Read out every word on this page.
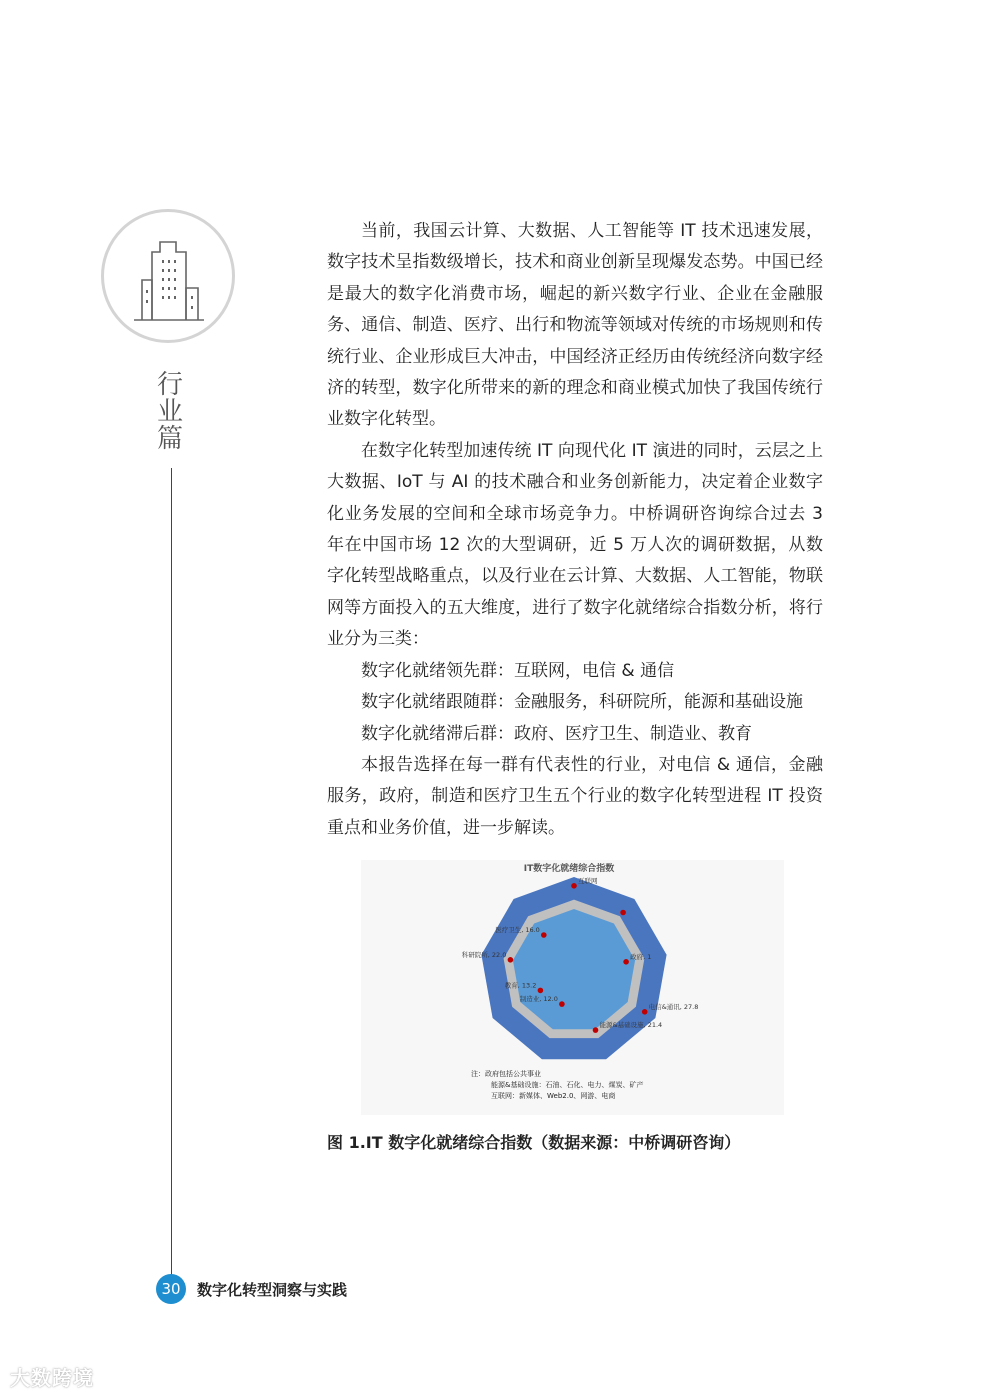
行
业
篇

当前，我国云计算、大数据、人工智能等 IT 技术迅速发展，数字技术呈指数级增长，技术和商业创新呈现爆发态势。中国已经是最大的数字化消费市场，崛起的新兴数字行业、企业在金融服务、通信、制造、医疗、出行和物流等领域对传统的市场规则和传统行业、企业形成巨大冲击，中国经济正经历由传统经济向数字经济的转型，数字化所带来的新的理念和商业模式加快了我国传统行业数字化转型。

在数字化转型加速传统 IT 向现代化 IT 演进的同时，云层之上大数据、IoT 与 AI 的技术融合和业务创新能力，决定着企业数字化业务发展的空间和全球市场竞争力。中桥调研咨询综合过去 3 年在中国市场 12 次的大型调研，近 5 万人次的调研数据，从数字化转型战略重点，以及行业在云计算、大数据、人工智能，物联网等方面投入的五大维度，进行了数字化就绪综合指数分析，将行业分为三类：

数字化就绪领先群：互联网，电信 & 通信

数字化就绪跟随群：金融服务，科研院所，能源和基础设施

数字化就绪滞后群：政府、医疗卫生、制造业、教育

本报告选择在每一群有代表性的行业，对电信 & 通信，金融服务，政府，制造和医疗卫生五个行业的数字化转型进程 IT 投资重点和业务价值，进一步解读。

IT数字化就绪综合指数
互联网
政府, 1
电信&通讯, 27.8
能源&基础设施, 21.4
制造业, 12.0
教育, 13.2
科研院所, 22.0
医疗卫生, 16.0
注：政府包括公共事业
能源&基础设施：石油、石化、电力、煤炭、矿产
互联网：新媒体、Web2.0、网游、电商
图 1.IT 数字化就绪综合指数（数据来源：中桥调研咨询）
30	数字化转型洞察与实践
大数跨境
